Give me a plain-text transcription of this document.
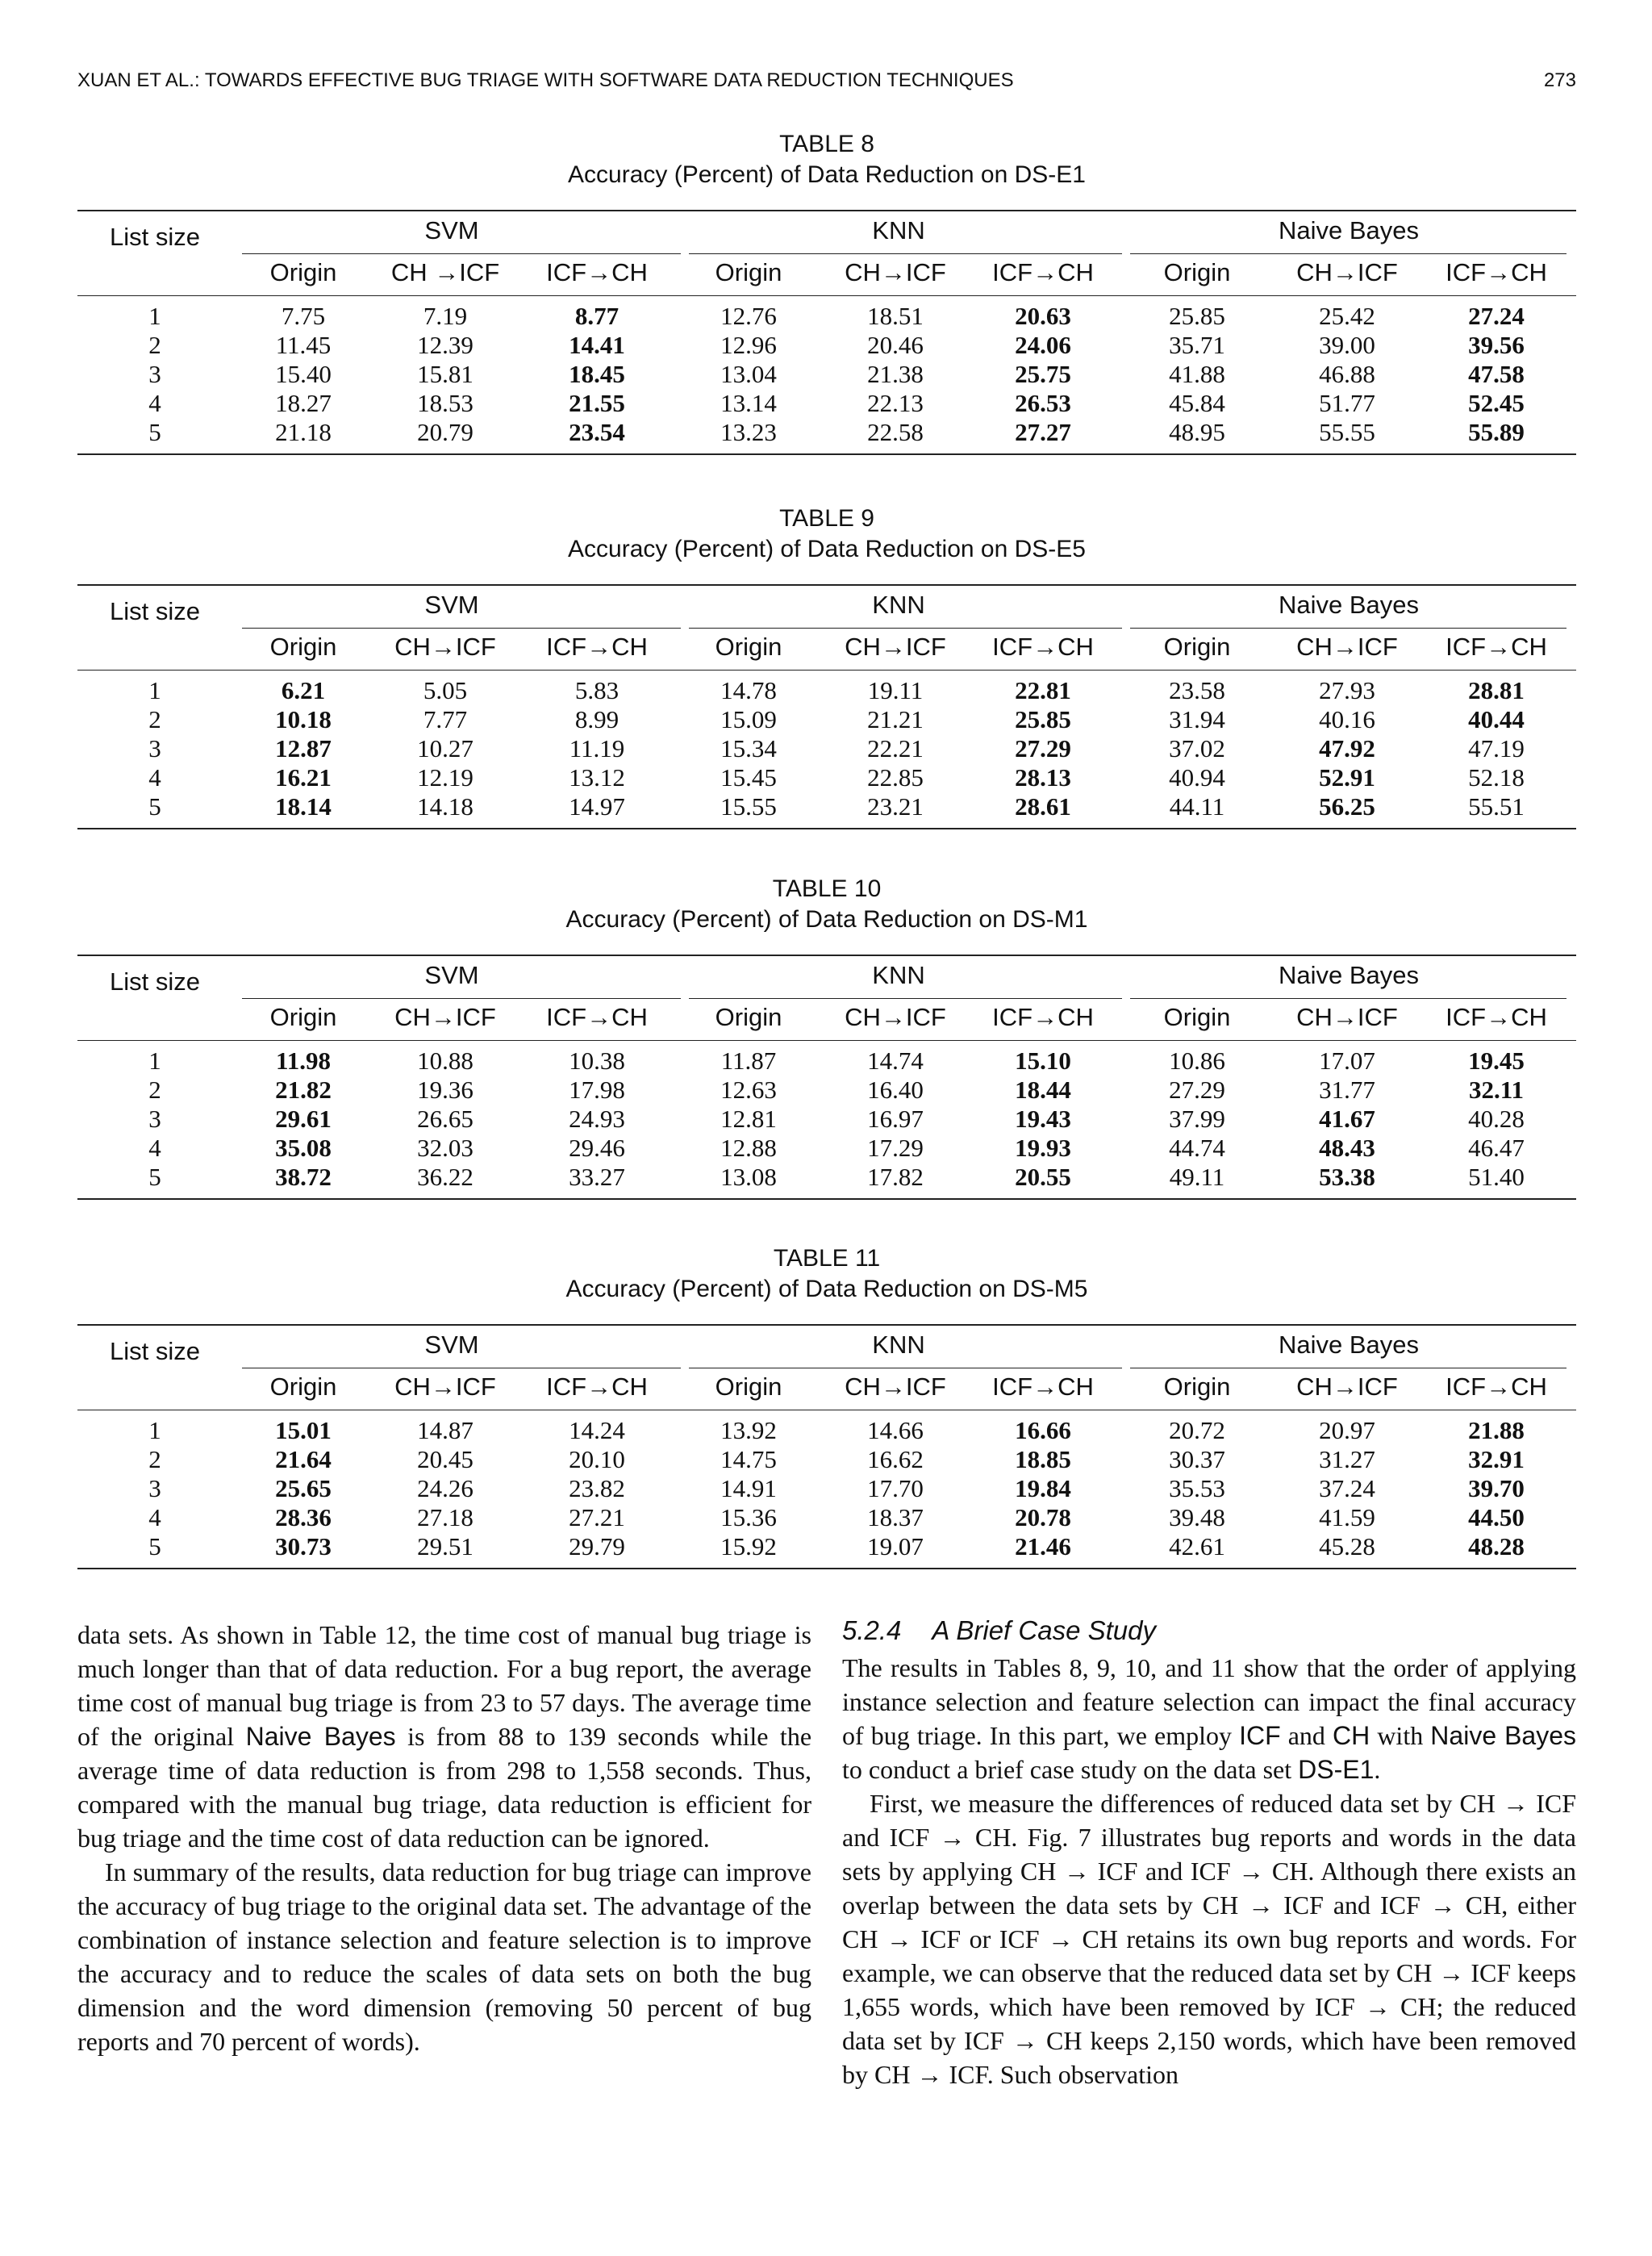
XUAN ET AL.: TOWARDS EFFECTIVE BUG TRIAGE WITH SOFTWARE DATA REDUCTION TECHNIQUES	273
TABLE 8
Accuracy (Percent) of Data Reduction on DS-E1
List size	SVM	KNN	Naive Bayes
Origin CH →ICF ICF→CH	Origin	CH→ICF ICF→CH	Origin	CH→ICF ICF→CH
1	7.75	7.19	8.77	12.76	18.51	20.63	25.85	25.42	27.24
2	11.45	12.39	14.41	12.96	20.46	24.06	35.71	39.00	39.56
3	15.40	15.81	18.45	13.04	21.38	25.75	41.88	46.88	47.58
4	18.27	18.53	21.55	13.14	22.13	26.53	45.84	51.77	52.45
5	21.18	20.79	23.54	13.23	22.58	27.27	48.95	55.55	55.89
TABLE 9
Accuracy (Percent) of Data Reduction on DS-E5
List size	SVM	KNN	Naive Bayes
Origin CH→ICF ICF→CH	Origin	CH→ICF ICF→CH	Origin	CH→ICF ICF→CH
1	6.21	5.05	5.83	14.78	19.11	22.81	23.58	27.93	28.81
2	10.18	7.77	8.99	15.09	21.21	25.85	31.94	40.16	40.44
3	12.87	10.27	11.19	15.34	22.21	27.29	37.02	47.92	47.19
4	16.21	12.19	13.12	15.45	22.85	28.13	40.94	52.91	52.18
5	18.14	14.18	14.97	15.55	23.21	28.61	44.11	56.25	55.51
TABLE 10
Accuracy (Percent) of Data Reduction on DS-M1
List size	SVM	KNN	Naive Bayes
Origin CH→ICF ICF→CH	Origin	CH→ICF ICF→CH	Origin	CH→ICF ICF→CH
1	11.98	10.88	10.38	11.87	14.74	15.10	10.86	17.07	19.45
2	21.82	19.36	17.98	12.63	16.40	18.44	27.29	31.77	32.11
3	29.61	26.65	24.93	12.81	16.97	19.43	37.99	41.67	40.28
4	35.08	32.03	29.46	12.88	17.29	19.93	44.74	48.43	46.47
5	38.72	36.22	33.27	13.08	17.82	20.55	49.11	53.38	51.40
TABLE 11
Accuracy (Percent) of Data Reduction on DS-M5
List size	SVM	KNN	Naive Bayes
Origin CH→ICF ICF→CH	Origin	CH→ICF ICF→CH	Origin	CH→ICF ICF→CH
1	15.01	14.87	14.24	13.92	14.66	16.66	20.72	20.97	21.88
2	21.64	20.45	20.10	14.75	16.62	18.85	30.37	31.27	32.91
3	25.65	24.26	23.82	14.91	17.70	19.84	35.53	37.24	39.70
4	28.36	27.18	27.21	15.36	18.37	20.78	39.48	41.59	44.50
5	30.73	29.51	29.79	15.92	19.07	21.46	42.61	45.28	48.28

data sets. As shown in Table 12, the time cost of manual bug triage is much longer than that of data reduction. For a bug report, the average time cost of manual bug triage is from 23 to 57 days. The average time of the original Naive Bayes is from 88 to 139 seconds while the average time of data reduction is from 298 to 1,558 seconds. Thus, compared with the manual bug triage, data reduction is efficient for bug triage and the time cost of data reduction can be ignored.

In summary of the results, data reduction for bug triage can improve the accuracy of bug triage to the original data set. The advantage of the combination of instance selection and feature selection is to improve the accuracy and to reduce the scales of data sets on both the bug dimension and the word dimension (removing 50 percent of bug reports and 70 percent of words).

5.2.4 A Brief Case Study

The results in Tables 8, 9, 10, and 11 show that the order of applying instance selection and feature selection can impact the final accuracy of bug triage. In this part, we employ ICF and CH with Naive Bayes to conduct a brief case study on the data set DS-E1.

First, we measure the differences of reduced data set by CH → ICF and ICF → CH. Fig. 7 illustrates bug reports and words in the data sets by applying CH → ICF and ICF → CH. Although there exists an overlap between the data sets by CH → ICF and ICF → CH, either CH → ICF or ICF → CH retains its own bug reports and words. For example, we can observe that the reduced data set by CH → ICF keeps 1,655 words, which have been removed by ICF → CH; the reduced data set by ICF → CH keeps 2,150 words, which have been removed by CH → ICF. Such observation
